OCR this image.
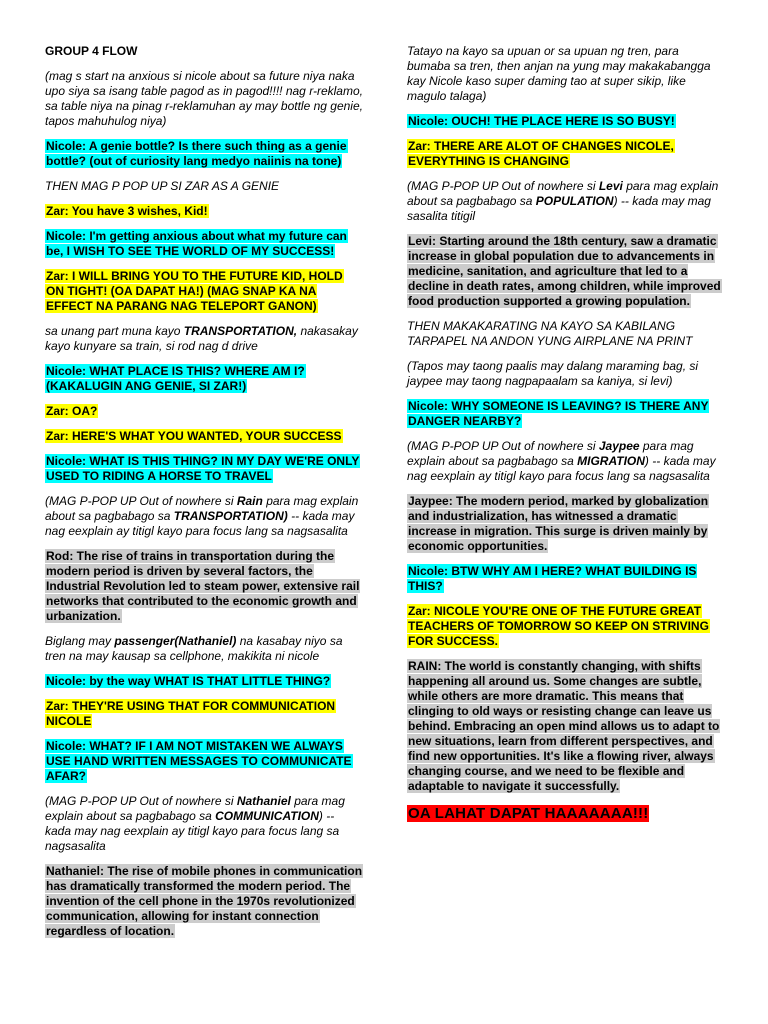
GROUP 4 FLOW

(mag s start na anxious si nicole about sa future niya naka upo siya sa isang table pagod as in pagod!!!! nag r-reklamo, sa table niya na pinag r-reklamuhan ay may bottle ng genie, tapos mahuhulog niya)

Nicole: A genie bottle? Is there such thing as a genie bottle? (out of curiosity lang medyo naiinis na tone)

THEN MAG P POP UP SI ZAR AS A GENIE

Zar: You have 3 wishes, Kid!

Nicole: I'm getting anxious about what my future can be, I WISH TO SEE THE WORLD OF MY SUCCESS!

Zar: I WILL BRING YOU TO THE FUTURE KID, HOLD ON TIGHT! (OA DAPAT HA!) (MAG SNAP KA NA EFFECT NA PARANG NAG TELEPORT GANON)

sa unang part muna kayo TRANSPORTATION, nakasakay kayo kunyare sa train, si rod nag d drive

Nicole: WHAT PLACE IS THIS? WHERE AM I? (KAKALUGIN ANG GENIE, SI ZAR!)

Zar: OA?

Zar: HERE'S WHAT YOU WANTED, YOUR SUCCESS

Nicole: WHAT IS THIS THING? IN MY DAY WE'RE ONLY USED TO RIDING A HORSE TO TRAVEL

(MAG P-POP UP Out of nowhere si Rain para mag explain about sa pagbabago sa TRANSPORTATION) -- kada may nag eexplain ay titigl kayo para focus lang sa nagsasalita

Rod: The rise of trains in transportation during the modern period is driven by several factors, the Industrial Revolution led to steam power, extensive rail networks that contributed to the economic growth and urbanization.

Biglang may passenger(Nathaniel) na kasabay niyo sa tren na may kausap sa cellphone, makikita ni nicole

Nicole: by the way WHAT IS THAT LITTLE THING?

Zar: THEY'RE USING THAT FOR COMMUNICATION NICOLE

Nicole: WHAT? IF I AM NOT MISTAKEN WE ALWAYS USE HAND WRITTEN MESSAGES TO COMMUNICATE AFAR?

(MAG P-POP UP Out of nowhere si Nathaniel para mag explain about sa pagbabago sa COMMUNICATION) -- kada may nag eexplain ay titigl kayo para focus lang sa nagsasalita

Nathaniel: The rise of mobile phones in communication has dramatically transformed the modern period. The invention of the cell phone in the 1970s revolutionized communication, allowing for instant connection regardless of location.

Tatayo na kayo sa upuan or sa upuan ng tren, para bumaba sa tren, then anjan na yung may makakabangga kay Nicole kaso super daming tao at super sikip, like magulo talaga)

Nicole: OUCH! THE PLACE HERE IS SO BUSY!

Zar: THERE ARE ALOT OF CHANGES NICOLE, EVERYTHING IS CHANGING

(MAG P-POP UP Out of nowhere si Levi para mag explain about sa pagbabago sa POPULATION) -- kada may mag sasalita titigil

Levi: Starting around the 18th century, saw a dramatic increase in global population due to advancements in medicine, sanitation, and agriculture that led to a decline in death rates, among children, while improved food production supported a growing population.

THEN MAKAKARATING NA KAYO SA KABILANG TARPAPEL NA ANDON YUNG AIRPLANE NA PRINT

(Tapos may taong paalis may dalang maraming bag, si jaypee may taong nagpapaalam sa kaniya, si levi)

Nicole: WHY SOMEONE IS LEAVING? IS THERE ANY DANGER NEARBY?

(MAG P-POP UP Out of nowhere si Jaypee para mag explain about sa pagbabago sa MIGRATION) -- kada may nag eexplain ay titigl kayo para focus lang sa nagsasalita

Jaypee: The modern period, marked by globalization and industrialization, has witnessed a dramatic increase in migration. This surge is driven mainly by economic opportunities.

Nicole: BTW WHY AM I HERE? WHAT BUILDING IS THIS?

Zar: NICOLE YOU'RE ONE OF THE FUTURE GREAT TEACHERS OF TOMORROW SO KEEP ON STRIVING FOR SUCCESS.

RAIN: The world is constantly changing, with shifts happening all around us. Some changes are subtle, while others are more dramatic. This means that clinging to old ways or resisting change can leave us behind. Embracing an open mind allows us to adapt to new situations, learn from different perspectives, and find new opportunities. It's like a flowing river, always changing course, and we need to be flexible and adaptable to navigate it successfully.

OA LAHAT DAPAT HAAAAAAA!!!
